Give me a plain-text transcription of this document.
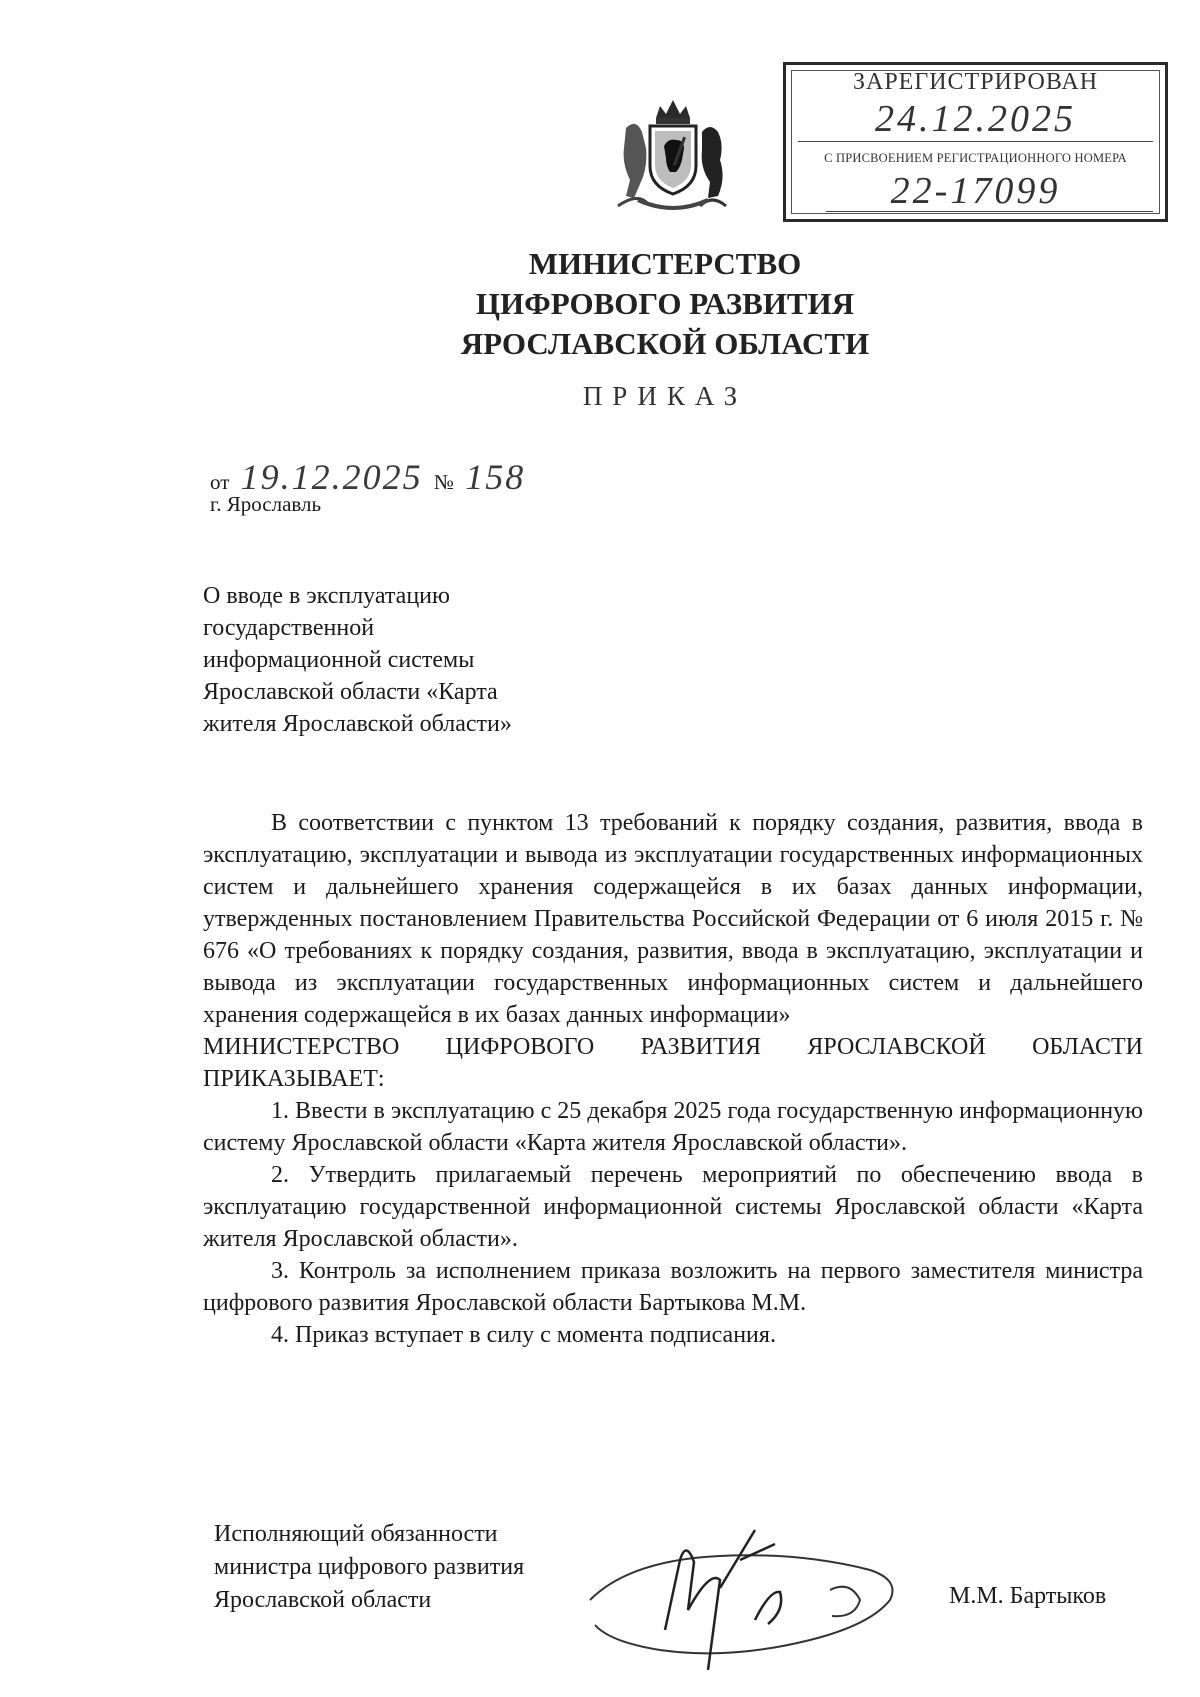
ЗАРЕГИСТРИРОВАН
24.12.2025
С ПРИСВОЕНИЕМ РЕГИСТРАЦИОННОГО НОМЕРА
22-17099
МИНИСТЕРСТВО
ЦИФРОВОГО РАЗВИТИЯ
ЯРОСЛАВСКОЙ ОБЛАСТИ
ПРИКАЗ
от 19.12.2025 № 158
г. Ярославль
О вводе в эксплуатацию
государственной
информационной системы
Ярославской области «Карта
жителя Ярославской области»

В соответствии с пунктом 13 требований к порядку создания, развития, ввода в эксплуатацию, эксплуатации и вывода из эксплуатации государственных информационных систем и дальнейшего хранения содержащейся в их базах данных информации, утвержденных постановлением Правительства Российской Федерации от 6 июля 2015 г. № 676 «О требованиях к порядку создания, развития, ввода в эксплуатацию, эксплуатации и вывода из эксплуатации государственных информационных систем и дальнейшего хранения содержащейся в их базах данных информации»

МИНИСТЕРСТВО ЦИФРОВОГО РАЗВИТИЯ ЯРОСЛАВСКОЙ ОБЛАСТИ ПРИКАЗЫВАЕТ:

1. Ввести в эксплуатацию с 25 декабря 2025 года государственную информационную систему Ярославской области «Карта жителя Ярославской области».

2. Утвердить прилагаемый перечень мероприятий по обеспечению ввода в эксплуатацию государственной информационной системы Ярославской области «Карта жителя Ярославской области».

3. Контроль за исполнением приказа возложить на первого заместителя министра цифрового развития Ярославской области Бартыкова М.М.

4. Приказ вступает в силу с момента подписания.

Исполняющий обязанности
министра цифрового развития
Ярославской области	М.М. Бартыков
